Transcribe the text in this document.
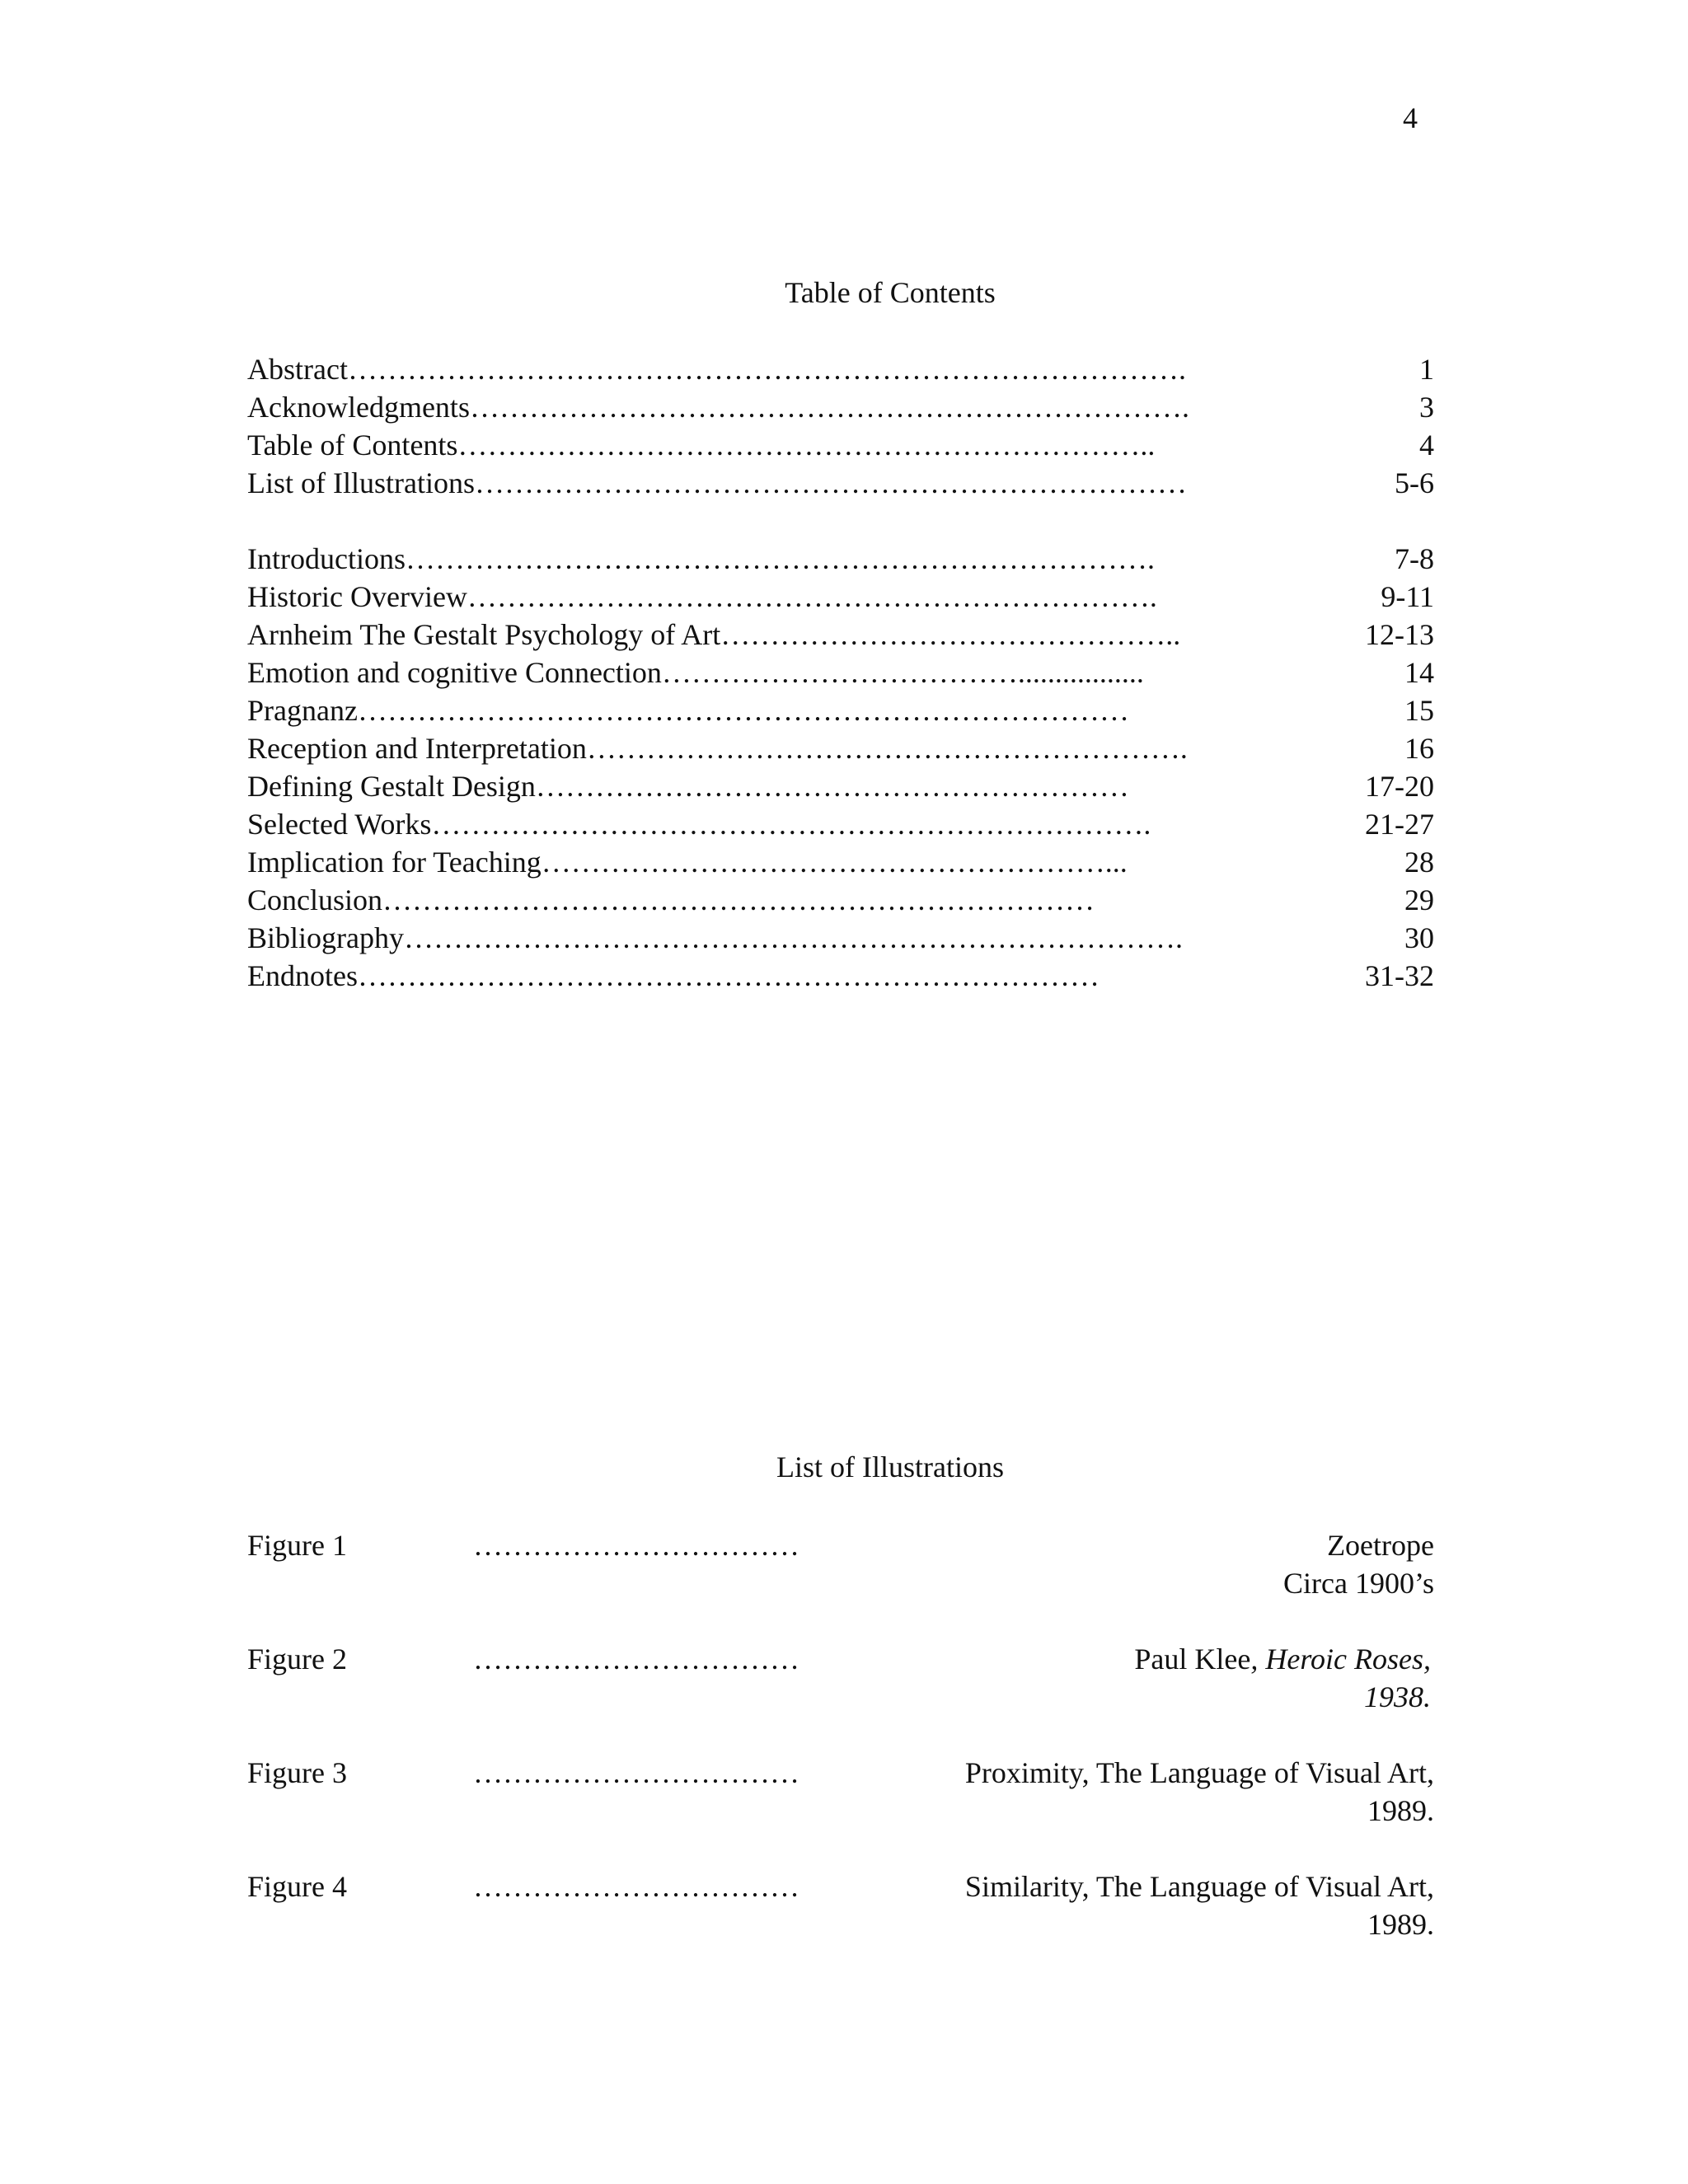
4
Table of Contents
Abstract………………………………………………………………………….	1
Acknowledgments……………………………………………………………….	3
Table of Contents……………………………………………………………..	4
List of Illustrations………………………………………………………………	5-6
Introductions………………………………………………………………….	7-8
Historic Overview…………………………………………………………….	9-11
Arnheim The Gestalt Psychology of Art………………………………………..	12-13
Emotion and cognitive Connection……………………………….................	14
Pragnanz……………………………………………………………………	15
Reception and Interpretation…………………………………………………….	16
Defining Gestalt Design……………………………………………………	17-20
Selected Works……………………………………………………………….	21-27
Implication for Teaching…………………………………………………...	28
Conclusion………………………………………………………………	29
Bibliography…………………………………………………………………….	30
Endnotes…………………………………………………………………	31-32
List of Illustrations
Figure 1	……………………………	Zoetrope
Circa 1900’s
Figure 2	……………………………	Paul Klee, Heroic Roses,
1938.
Figure 3	……………………………	Proximity, The Language of Visual Art,
1989.
Figure 4	……………………………	Similarity, The Language of Visual Art,
1989.
